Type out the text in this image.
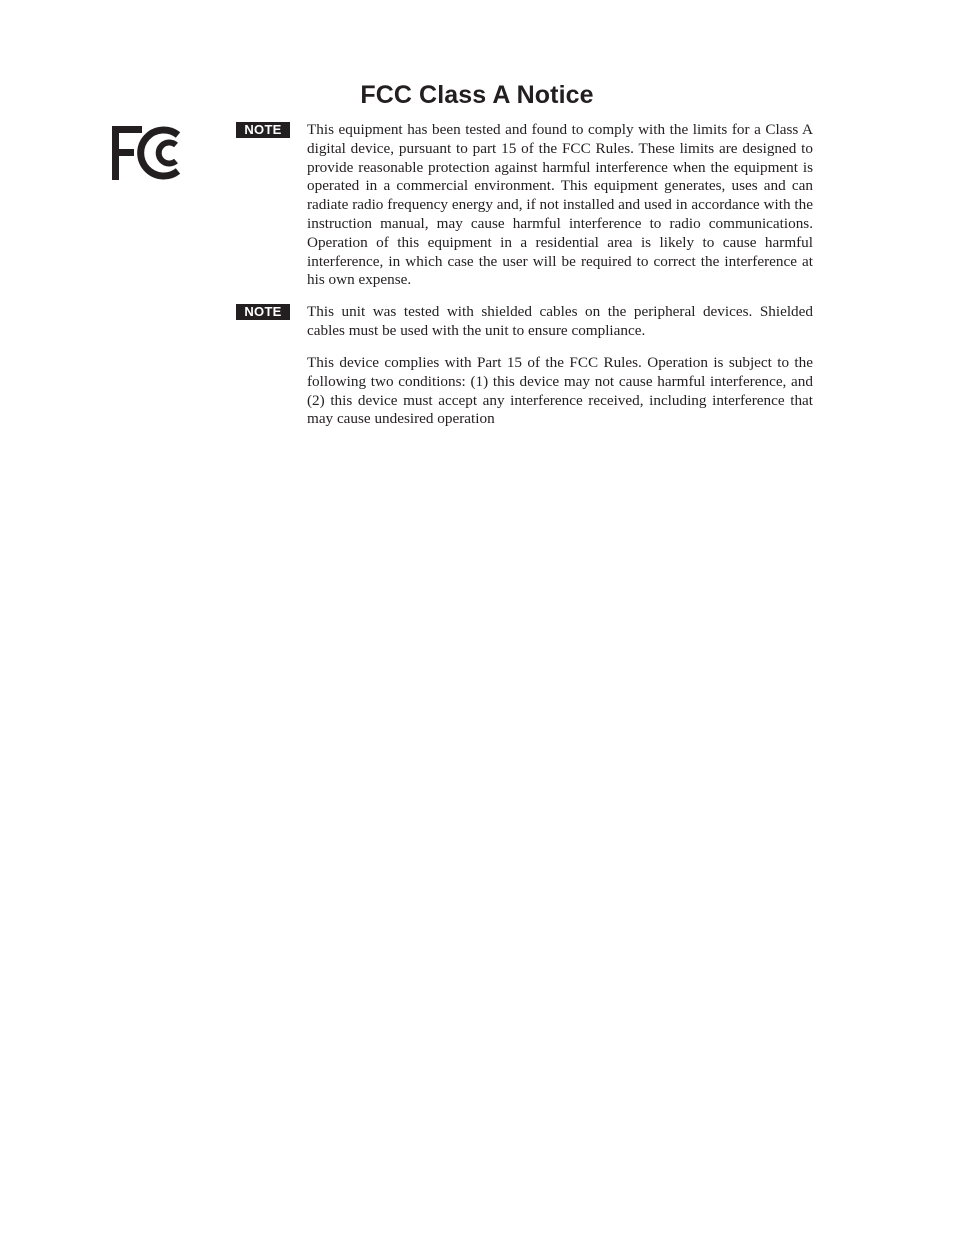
FCC Class A Notice
NOTE	This equipment has been tested and found to comply with the limits for a Class A digital device, pursuant to part 15 of the FCC Rules. These limits are designed to provide reasonable protection against harmful interference when the equipment is operated in a commercial environment. This equipment generates, uses and can radiate radio frequency energy and, if not installed and used in accordance with the instruction manual, may cause harmful interference to radio communications. Operation of this equipment in a residential area is likely to cause harmful interference, in which case the user will be required to correct the interference at his own expense.

NOTE	This unit was tested with shielded cables on the peripheral devices. Shielded cables must be used with the unit to ensure compliance.

This device complies with Part 15 of the FCC Rules. Operation is subject to the following two conditions: (1) this device may not cause harmful interference, and (2) this device must accept any interference received, including interference that may cause undesired operation
